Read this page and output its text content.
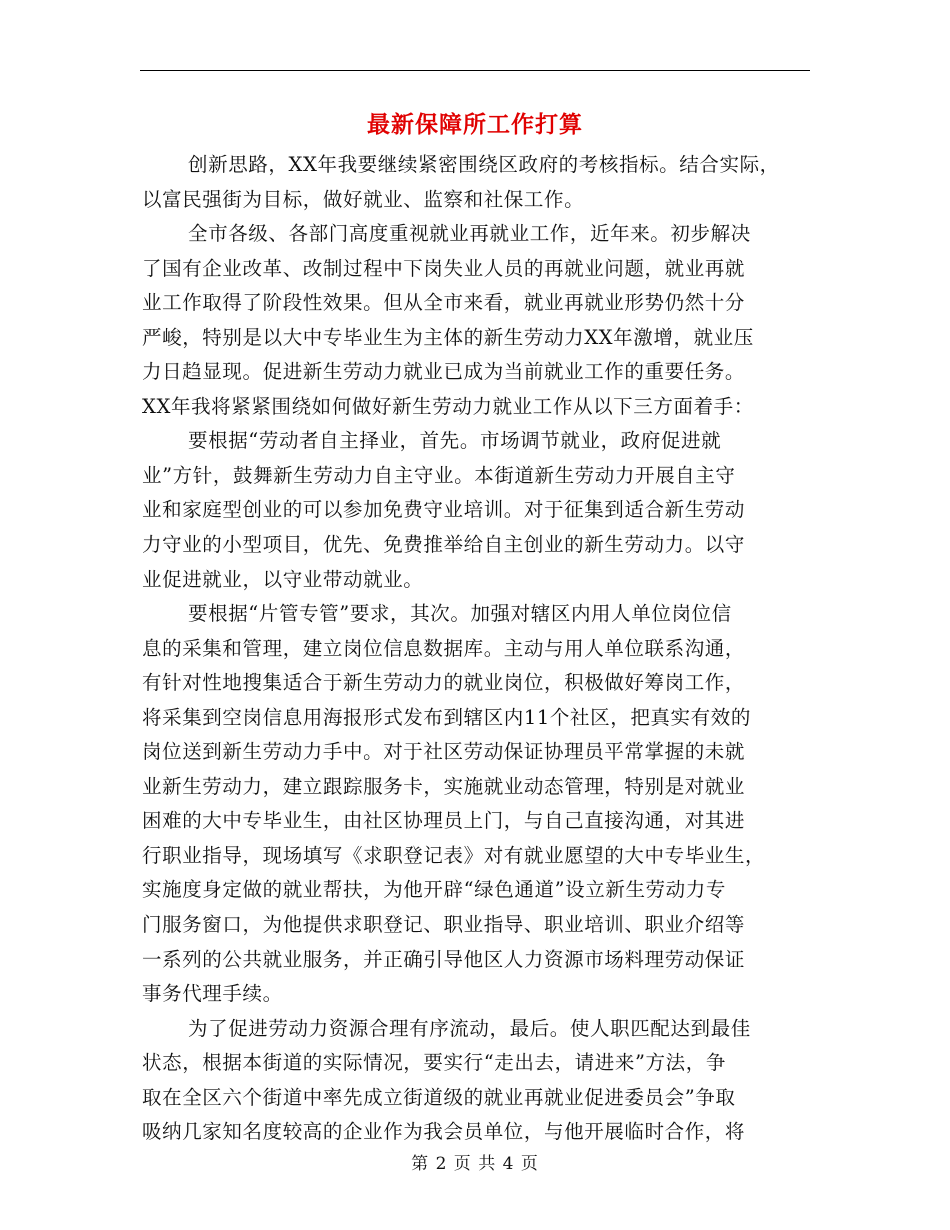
最新保障所工作打算
创新思路，XX年我要继续紧密围绕区政府的考核指标。结合实际，
以富民强街为目标，做好就业、监察和社保工作。
全市各级、各部门高度重视就业再就业工作，近年来。初步解决
了国有企业改革、改制过程中下岗失业人员的再就业问题，就业再就
业工作取得了阶段性效果。但从全市来看，就业再就业形势仍然十分
严峻，特别是以大中专毕业生为主体的新生劳动力XX年激增，就业压
力日趋显现。促进新生劳动力就业已成为当前就业工作的重要任务。
XX年我将紧紧围绕如何做好新生劳动力就业工作从以下三方面着手：
要根据“劳动者自主择业，首先。市场调节就业，政府促进就
业”方针，鼓舞新生劳动力自主守业。本街道新生劳动力开展自主守
业和家庭型创业的可以参加免费守业培训。对于征集到适合新生劳动
力守业的小型项目，优先、免费推举给自主创业的新生劳动力。以守
业促进就业，以守业带动就业。
要根据“片管专管”要求，其次。加强对辖区内用人单位岗位信
息的采集和管理，建立岗位信息数据库。主动与用人单位联系沟通，
有针对性地搜集适合于新生劳动力的就业岗位，积极做好筹岗工作，
将采集到空岗信息用海报形式发布到辖区内11个社区，把真实有效的
岗位送到新生劳动力手中。对于社区劳动保证协理员平常掌握的未就
业新生劳动力，建立跟踪服务卡，实施就业动态管理，特别是对就业
困难的大中专毕业生，由社区协理员上门，与自己直接沟通，对其进
行职业指导，现场填写《求职登记表》对有就业愿望的大中专毕业生，
实施度身定做的就业帮扶，为他开辟“绿色通道”设立新生劳动力专
门服务窗口，为他提供求职登记、职业指导、职业培训、职业介绍等
一系列的公共就业服务，并正确引导他区人力资源市场料理劳动保证
事务代理手续。
为了促进劳动力资源合理有序流动，最后。使人职匹配达到最佳
状态，根据本街道的实际情况，要实行“走出去，请进来”方法，争
取在全区六个街道中率先成立街道级的就业再就业促进委员会”争取
吸纳几家知名度较高的企业作为我会员单位，与他开展临时合作，将
第 2 页 共 4 页
